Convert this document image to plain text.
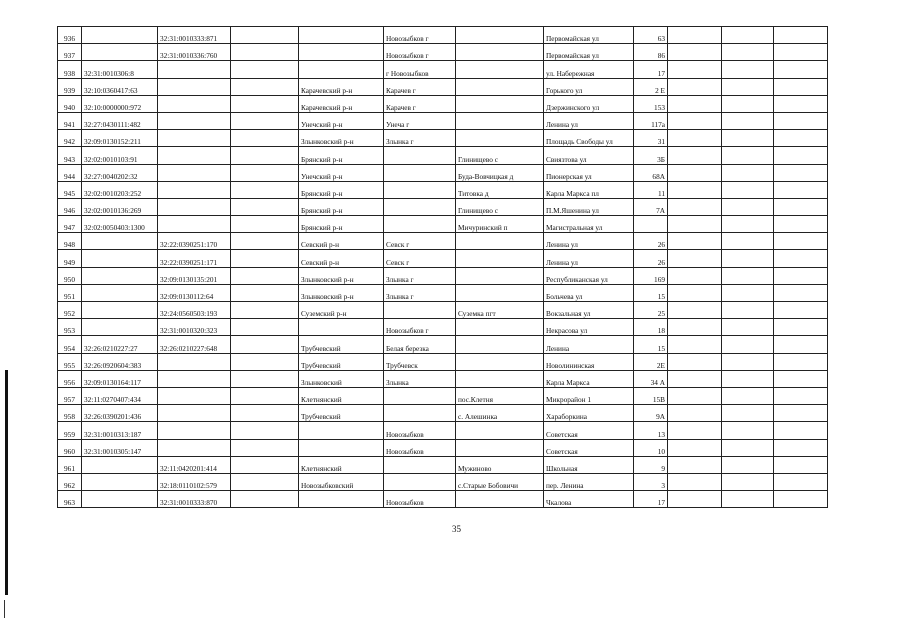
936		32:31:0010333:871			Новозыбков г		Первомайская ул	63			
937		32:31:0010336:760			Новозыбков г		Первомайская ул	86			
938	32:31:0010306:8				г Новозыбков		ул. Набережная	17			
939	32:10:0360417:63			Карачевский р-н	Карачев г		Горького ул	2 Е			
940	32:10:0000000:972			Карачевский р-н	Карачев г		Дзержинского ул	153			
941	32:27:0430111:482			Унечский р-н	Унеча г		Ленина ул	117а			
942	32:09:0130152:211			Злынковский р-н	Злынка г		Площадь Свободы ул	31			
943	32:02:0010103:91			Брянский р-н		Глинищево с	Свиязтова ул	3Б			
944	32:27:0040202:32			Унечский р-н		Буда-Вовчицкая д	Пионерская ул	68А			
945	32:02:0010203:252			Брянский р-н		Титовка д	Карла Маркса пл	11			
946	32:02:0010136:269			Брянский р-н		Глинищево с	П.М.Яшенина ул	7А			
947	32:02:0050403:1300			Брянский р-н		Мичуринский п	Магистральная ул				
948		32:22:0390251:170		Севский р-н	Севск г		Ленина ул	26			
949		32:22:0390251:171		Севский р-н	Севск г		Ленина ул	26			
950		32:09:0130135:201		Злынковский р-н	Злынка г		Республиканская ул	169			
951		32:09:0130112:64		Злынковский р-н	Злынка г		Больчева ул	15			
952		32:24:0560503:193		Суземский р-н		Суземка пгт	Вокзальная ул	25			
953		32:31:0010320:323			Новозыбков г		Некрасова ул	18			
954	32:26:0210227:27	32:26:0210227:648		Трубчевский	Белая березка		Ленина	15			
955	32:26:0920604:383			Трубчевский	Трубчевск		Новолининская	2Е			
956	32:09:0130164:117			Злынковский	Злынка		Карла Маркса	34 А			
957	32:11:0270407:434			Клетнянский		пос.Клетня	Микрорайон 1	15В			
958	32:26:0390201:436			Трубчевский		с. Алешинка	Хараборкина	9А			
959	32:31:0010313:187				Новозыбков		Советская	13			
960	32:31:0010305:147				Новозыбков		Советская	10			
961		32:11:0420201:414		Клетнянский		Мужиново	Школьная	9			
962		32:18:0110102:579		Новозыбковский		с.Старые Бобовичи	пер. Ленина	3			
963		32:31:0010333:870			Новозыбков		Чкалова	17			
35
